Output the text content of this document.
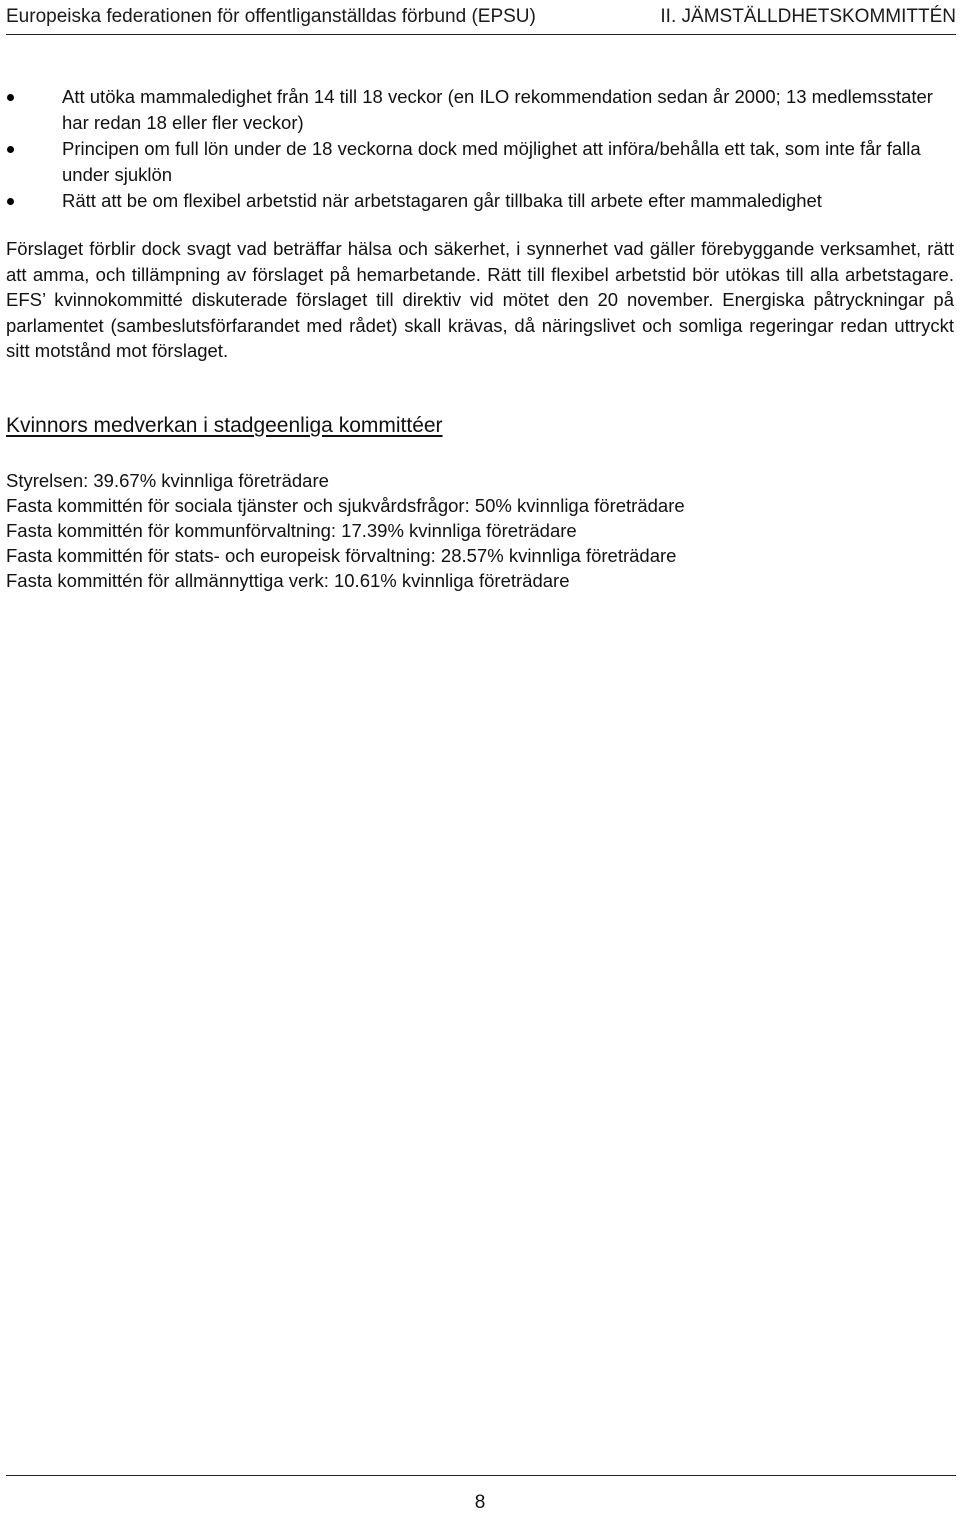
Europeiska federationen för offentliganställdas förbund (EPSU)	II. JÄMSTÄLLDHETSKOMMITTÉN
Att utöka mammaledighet från 14 till 18 veckor (en ILO rekommendation sedan år 2000; 13 medlemsstater har redan 18 eller fler veckor)
Principen om full lön under de 18 veckorna dock med möjlighet att införa/behålla ett tak, som inte får falla under sjuklön
Rätt att be om flexibel arbetstid när arbetstagaren går tillbaka till arbete efter mammaledighet
Förslaget förblir dock svagt vad beträffar hälsa och säkerhet, i synnerhet vad gäller förebyggande verksamhet, rätt att amma, och tillämpning av förslaget på hemarbetande. Rätt till flexibel arbetstid bör utökas till alla arbetstagare. EFS’ kvinnokommitté diskuterade förslaget till direktiv vid mötet den 20 november. Energiska påtryckningar på parlamentet (sambeslutsförfarandet med rådet) skall krävas, då näringslivet och somliga regeringar redan uttryckt sitt motstånd mot förslaget.
Kvinnors medverkan i stadgeenliga kommittéer
Styrelsen: 39.67% kvinnliga företrädare
Fasta kommittén för sociala tjänster och sjukvårdsfrågor: 50% kvinnliga företrädare
Fasta kommittén för kommunförvaltning: 17.39% kvinnliga företrädare
Fasta kommittén för stats- och europeisk förvaltning: 28.57% kvinnliga företrädare
Fasta kommittén för allmännyttiga verk: 10.61% kvinnliga företrädare
8
